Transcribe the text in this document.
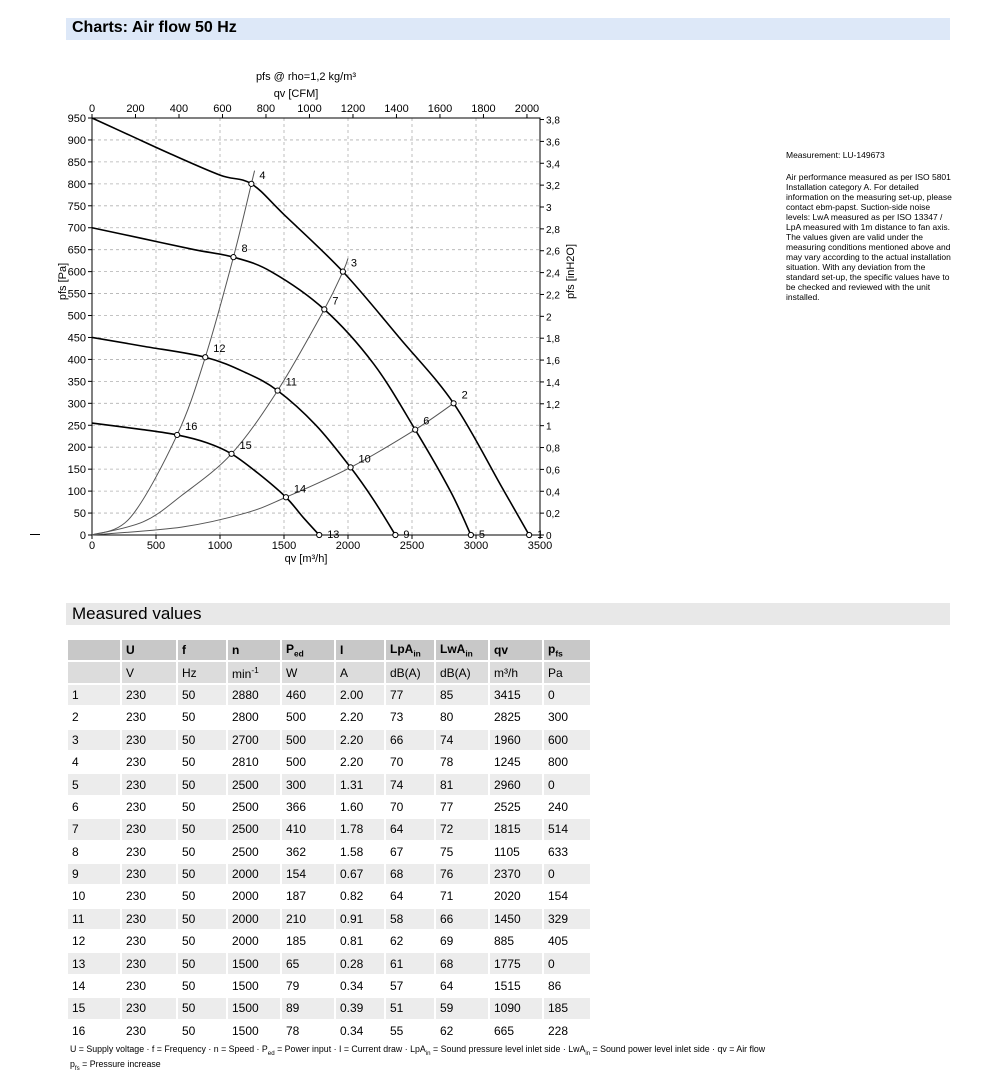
Charts: Air flow 50 Hz
0	500	1000	1500	2000	2500	3000	3500
0	200 400 600 800 1000 1200 1400 1600 1800 2000
0
50
100
150
200
250
300
350
400
450
500
550
600
650
700
750
800
850
900
950
0
0,2
0,4
0,6
0,8
1
1,2
1,4
1,6
1,8
2
2,2
2,4
2,6
2,8
3
3,2
3,4
3,6
3,8
pfs @ rho=1,2 kg/m³
qv [CFM]
qv [m³/h]
pfs [Pa]	pfs [inH2O]
1
2
3
4
5
6
7
8
9
10
11
12
13
14
15
16
Measurement: LU-149673
Air performance measured as per ISO 5801 Installation category A. For detailed information on the measuring set-up, please contact ebm-papst. Suction-side noise levels: LwA measured as per ISO 13347 / LpA measured with 1m distance to fan axis. The values given are valid under the measuring conditions mentioned above and may vary according to the actual installation situation. With any deviation from the standard set-up, the specific values have to be checked and reviewed with the unit installed.
Measured values
	U	f	n	$P_{ed}$	I	LpA$_{in}$	LwA$_{in}$	qv	$p_{fs}$
	V	Hz	$\min^{-1}$	W	A	dB(A)	dB(A)	m³/h	Pa
1	230	50	2880	460	2.00	77	85	3415	0
2	230	50	2800	500	2.20	73	80	2825	300
3	230	50	2700	500	2.20	66	74	1960	600
4	230	50	2810	500	2.20	70	78	1245	800
5	230	50	2500	300	1.31	74	81	2960	0
6	230	50	2500	366	1.60	70	77	2525	240
7	230	50	2500	410	1.78	64	72	1815	514
8	230	50	2500	362	1.58	67	75	1105	633
9	230	50	2000	154	0.67	68	76	2370	0
10	230	50	2000	187	0.82	64	71	2020	154
11	230	50	2000	210	0.91	58	66	1450	329
12	230	50	2000	185	0.81	62	69	885	405
13	230	50	1500	65	0.28	61	68	1775	0
14	230	50	1500	79	0.34	57	64	1515	86
15	230	50	1500	89	0.39	51	59	1090	185
16	230	50	1500	78	0.34	55	62	665	228
U = Supply voltage · f = Frequency · n = Speed · $P_{ed}$ = Power input · I = Current draw · LpA$_{in}$ = Sound pressure level inlet side · LwA$_{in}$ = Sound power level inlet side · qv = Air flow
$p_{fs}$ = Pressure increase
